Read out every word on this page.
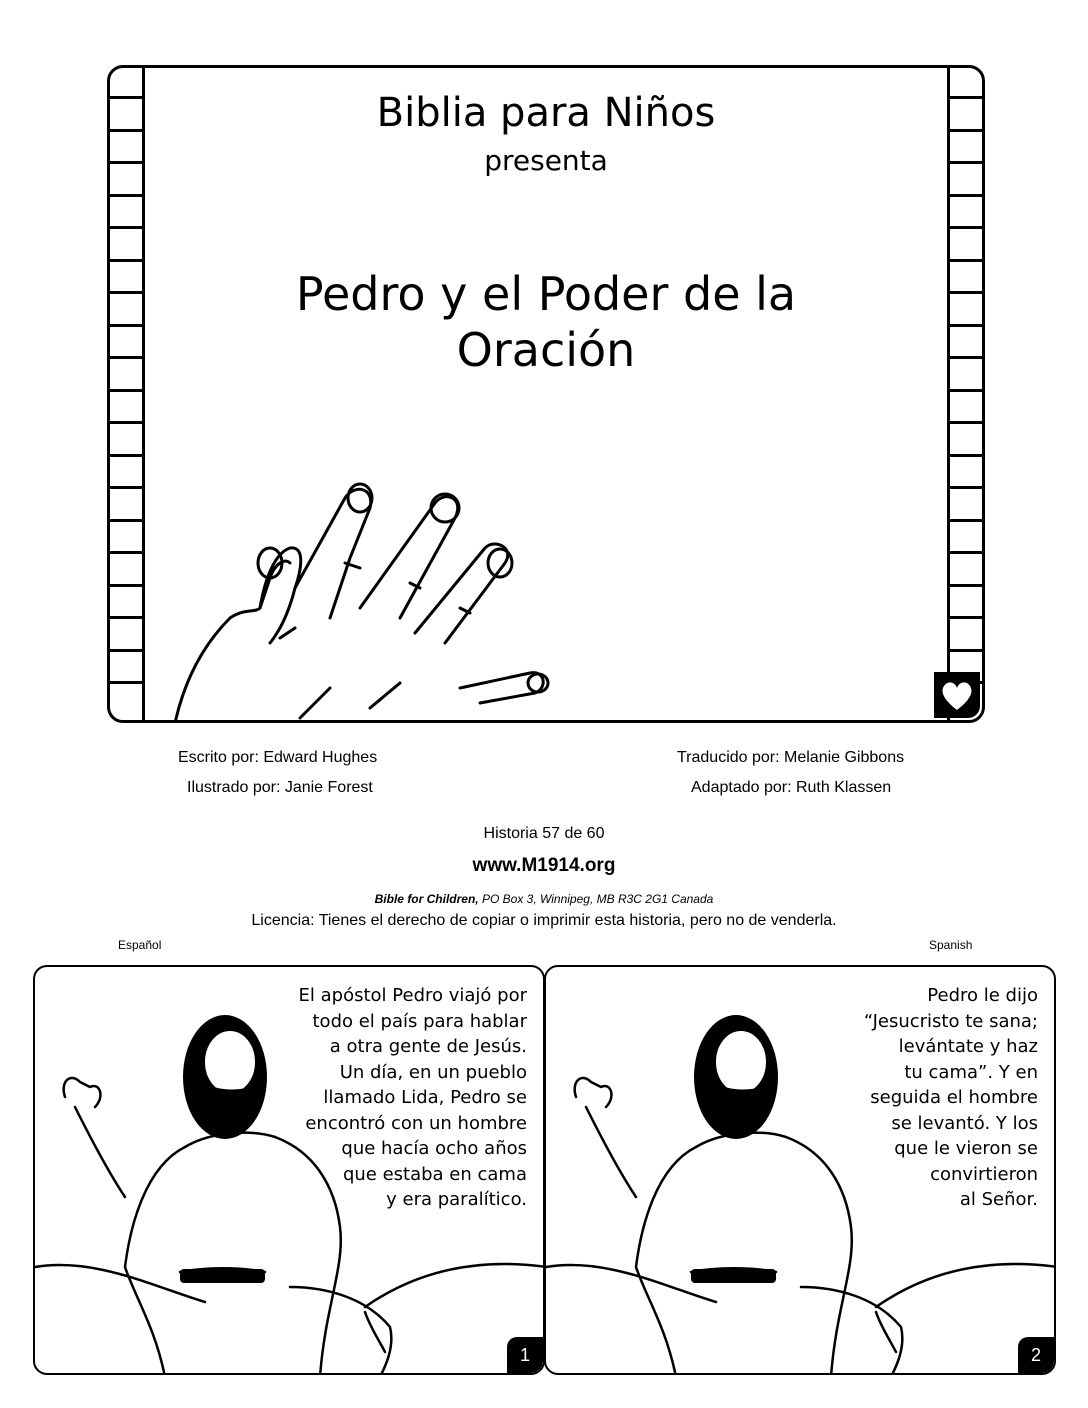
Biblia para Niños
presenta
Pedro y el Poder de la Oración
Escrito por: Edward Hughes
Ilustrado por: Janie Forest
Traducido por: Melanie Gibbons
Adaptado por: Ruth Klassen
Historia 57 de 60
www.M1914.org
Bible for Children, PO Box 3, Winnipeg, MB R3C 2G1 Canada
Licencia: Tienes el derecho de copiar o imprimir esta historia, pero no de venderla.
Español	Spanish
El apóstol Pedro viajó por
todo el país para hablar
a otra gente de Jesús.
Un día, en un pueblo
llamado Lida, Pedro se
encontró con un hombre
que hacía ocho años
que estaba en cama
y era paralítico.
1
Pedro le dijo
“Jesucristo te sana;
levántate y haz
tu cama”. Y en
seguida el hombre
se levantó. Y los
que le vieron se
convirtieron
al Señor.
2
